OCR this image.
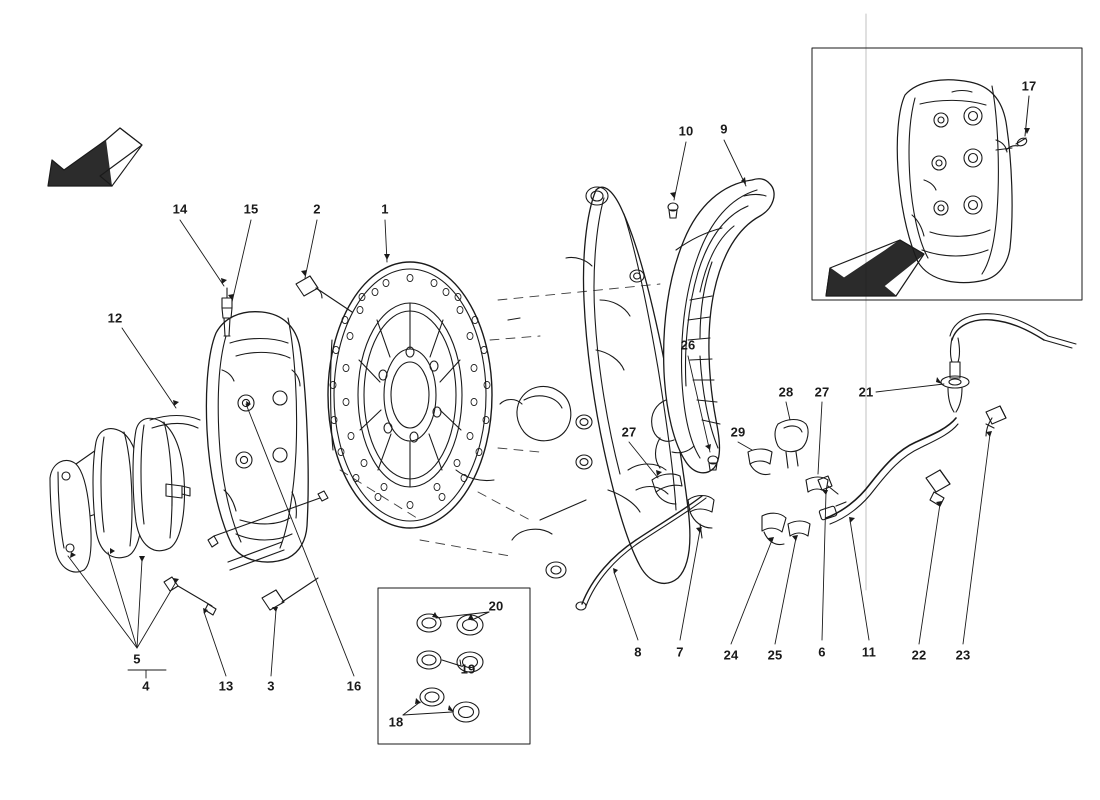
14	15	2	1
10 9
17
12
26
28 27 21
27	29
5
4	13	3	16
20
19
18
8	7	24 25	6	11	22 23
